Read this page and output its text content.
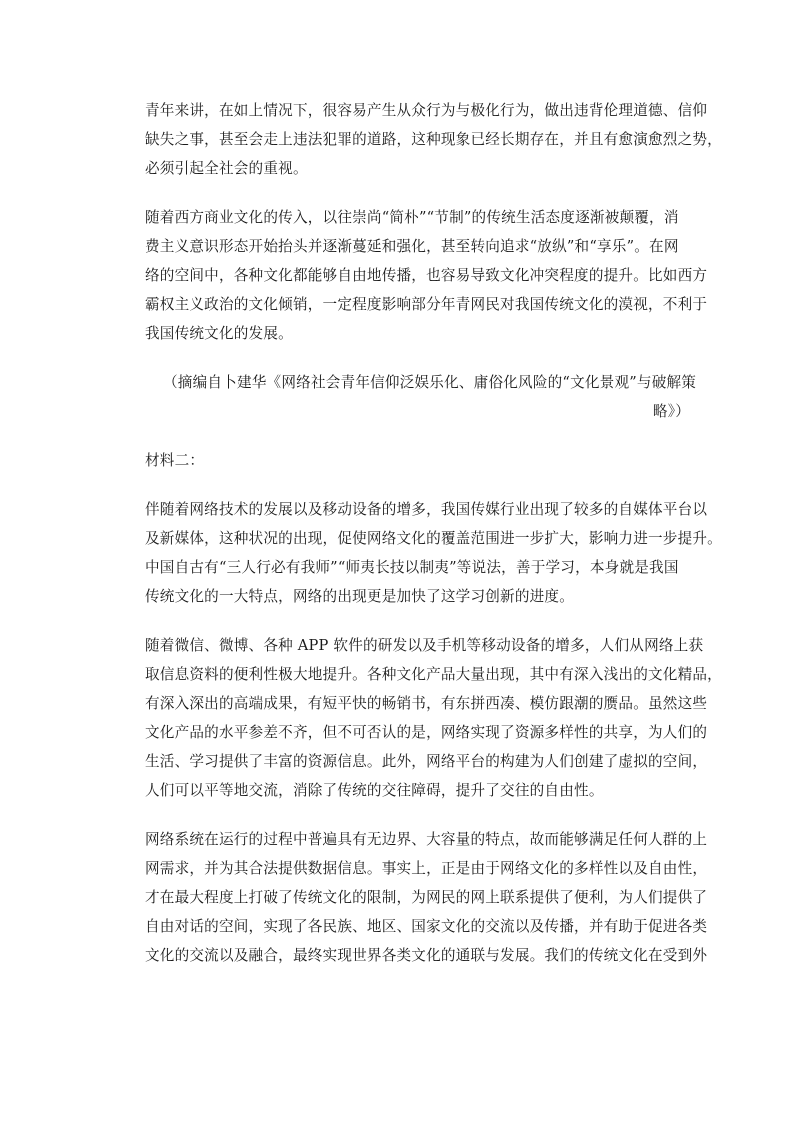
青年来讲，在如上情况下，很容易产生从众行为与极化行为，做出违背伦理道德、信仰
缺失之事，甚至会走上违法犯罪的道路，这种现象已经长期存在，并且有愈演愈烈之势，
必须引起全社会的重视。

随着西方商业文化的传入，以往崇尚“简朴”“节制”的传统生活态度逐渐被颠覆，消
费主义意识形态开始抬头并逐渐蔓延和强化，甚至转向追求“放纵”和“享乐”。在网
络的空间中，各种文化都能够自由地传播，也容易导致文化冲突程度的提升。比如西方
霸权主义政治的文化倾销，一定程度影响部分年青网民对我国传统文化的漠视，不利于
我国传统文化的发展。

（摘编自卜建华《网络社会青年信仰泛娱乐化、庸俗化风险的“文化景观”与破解策
略》）

材料二：

伴随着网络技术的发展以及移动设备的增多，我国传媒行业出现了较多的自媒体平台以
及新媒体，这种状况的出现，促使网络文化的覆盖范围进一步扩大，影响力进一步提升。
中国自古有“三人行必有我师”“师夷长技以制夷”等说法，善于学习，本身就是我国
传统文化的一大特点，网络的出现更是加快了这学习创新的进度。

随着微信、微博、各种 APP 软件的研发以及手机等移动设备的增多，人们从网络上获
取信息资料的便利性极大地提升。各种文化产品大量出现，其中有深入浅出的文化精品，
有深入深出的高端成果，有短平快的畅销书，有东拼西凑、模仿跟潮的赝品。虽然这些
文化产品的水平参差不齐，但不可否认的是，网络实现了资源多样性的共享，为人们的
生活、学习提供了丰富的资源信息。此外，网络平台的构建为人们创建了虚拟的空间，
人们可以平等地交流，消除了传统的交往障碍，提升了交往的自由性。

网络系统在运行的过程中普遍具有无边界、大容量的特点，故而能够满足任何人群的上
网需求，并为其合法提供数据信息。事实上，正是由于网络文化的多样性以及自由性，
才在最大程度上打破了传统文化的限制，为网民的网上联系提供了便利，为人们提供了
自由对话的空间，实现了各民族、地区、国家文化的交流以及传播，并有助于促进各类
文化的交流以及融合，最终实现世界各类文化的通联与发展。我们的传统文化在受到外
